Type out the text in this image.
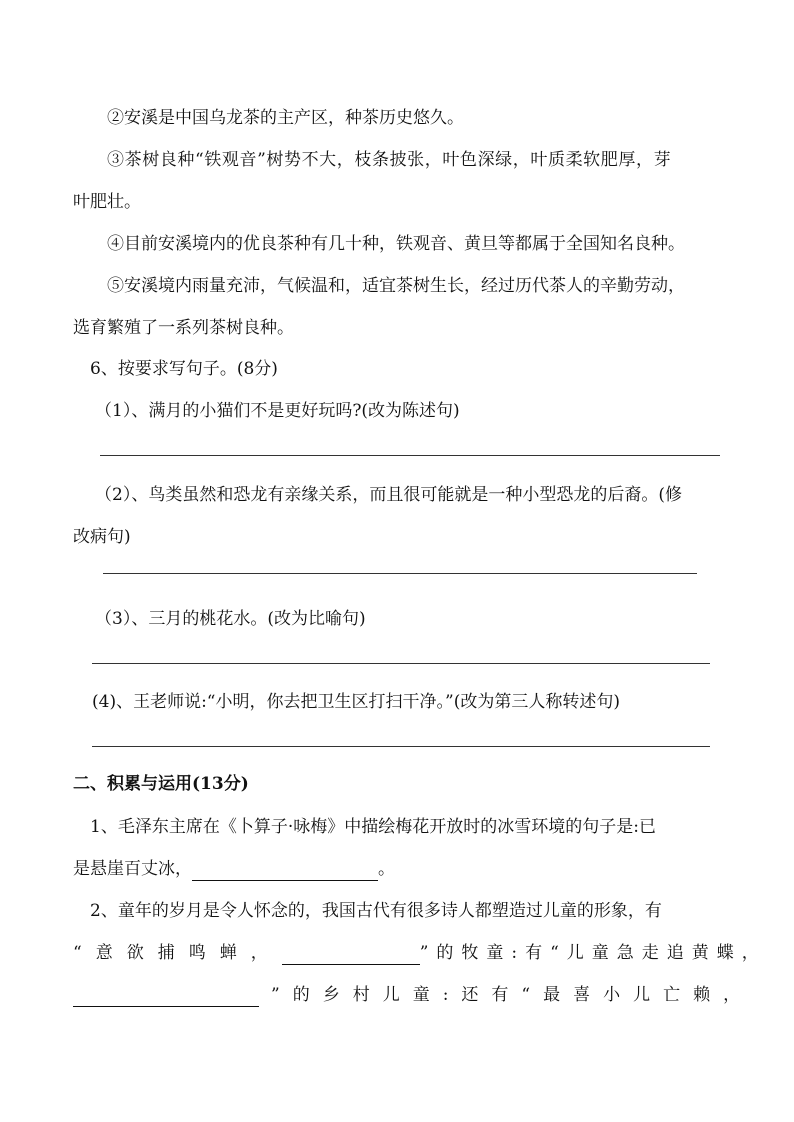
②安溪是中国乌龙茶的主产区，种茶历史悠久。
③茶树良种“铁观音”树势不大，枝条披张，叶色深绿，叶质柔软肥厚，芽
叶肥壮。
④目前安溪境内的优良茶种有几十种，铁观音、黄旦等都属于全国知名良种。
⑤安溪境内雨量充沛，气候温和，适宜茶树生长，经过历代茶人的辛勤劳动，
选育繁殖了一系列茶树良种。
6、按要求写句子。(8分)
（1）、满月的小猫们不是更好玩吗?(改为陈述句)
（2）、鸟类虽然和恐龙有亲缘关系，而且很可能就是一种小型恐龙的后裔。(修
改病句)
（3）、三月的桃花水。(改为比喻句)
(4)、王老师说:“小明，你去把卫生区打扫干净。”(改为第三人称转述句)
二、积累与运用(13分)
1、毛泽东主席在《卜算子·咏梅》中描绘梅花开放时的冰雪环境的句子是:已
是悬崖百丈冰，	。
2、童年的岁月是令人怀念的，我国古代有很多诗人都塑造过儿童的形象，有
“意欲捕鸣蝉，	”的牧童:有“儿童急走追黄蝶，
”的乡村儿童:还有“最喜小儿亡赖，
